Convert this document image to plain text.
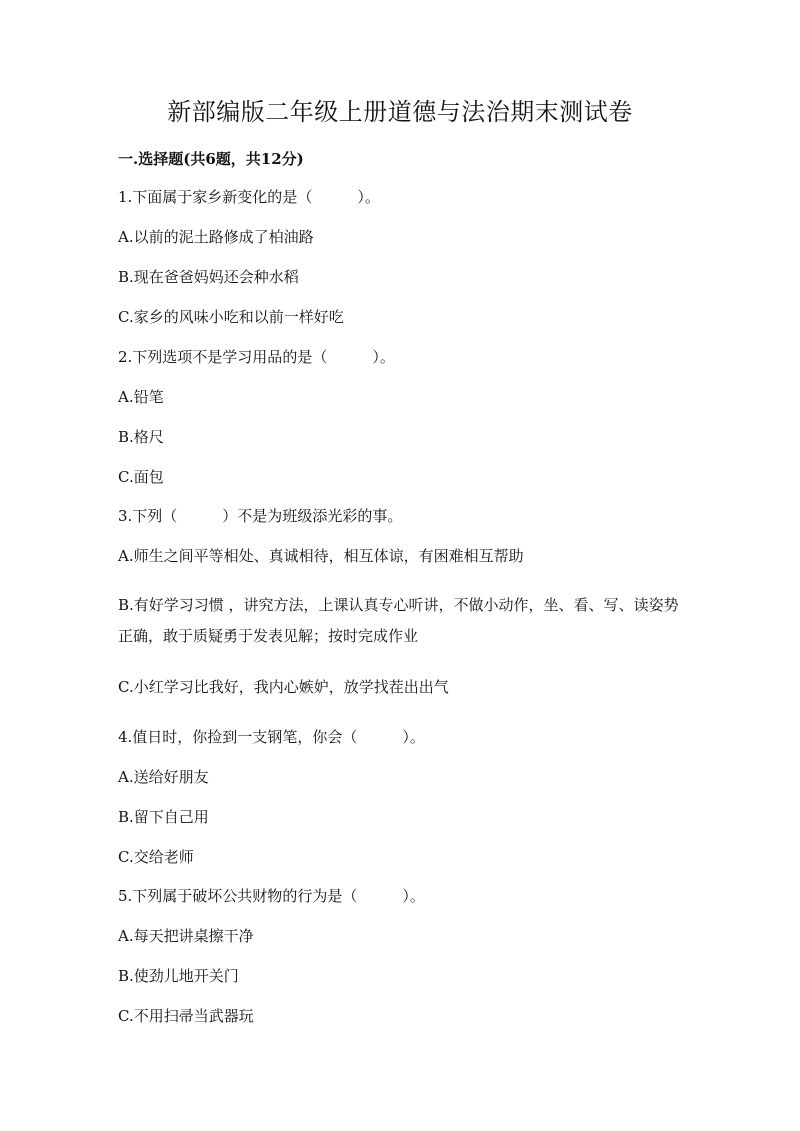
新部编版二年级上册道德与法治期末测试卷
一.选择题(共6题，共12分)
1.下面属于家乡新变化的是（　　　）。
A.以前的泥土路修成了柏油路
B.现在爸爸妈妈还会种水稻
C.家乡的风味小吃和以前一样好吃
2.下列选项不是学习用品的是（　　　）。
A.铅笔
B.格尺
C.面包
3.下列（　　　）不是为班级添光彩的事。
A.师生之间平等相处、真诚相待，相互体谅，有困难相互帮助
B.有好学习习惯 ，讲究方法，上课认真专心听讲，不做小动作，坐、看、写、读姿势正确，敢于质疑勇于发表见解；按时完成作业
C.小红学习比我好，我内心嫉妒，放学找茬出出气
4.值日时，你捡到一支钢笔，你会（　　　）。
A.送给好朋友
B.留下自己用
C.交给老师
5.下列属于破坏公共财物的行为是（　　　）。
A.每天把讲桌擦干净
B.使劲儿地开关门
C.不用扫帚当武器玩
